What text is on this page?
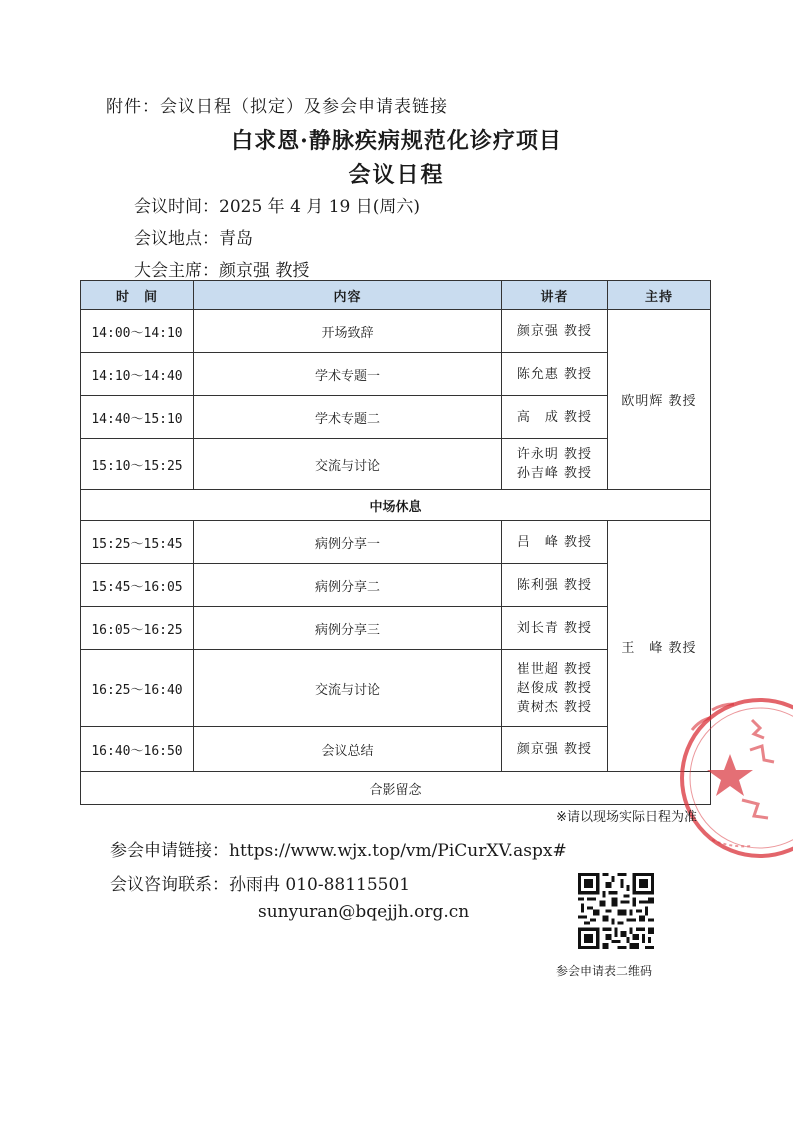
附件：会议日程（拟定）及参会申请表链接
白求恩·静脉疾病规范化诊疗项目
会议日程
会议时间：2025 年 4 月 19 日(周六)
会议地点：青岛
大会主席：颜京强 教授
时　间	内容	讲者	主持
14:00～14:10	开场致辞	颜京强 教授	欧明辉 教授
14:10～14:40	学术专题一	陈允惠 教授	

14:40～15:10	学术专题二	高　成 教授	

15:10～15:25	交流与讨论	许永明 教授
孙吉峰 教授	

中场休息			
15:25～15:45	病例分享一	吕　峰 教授	王　峰 教授
15:45～16:05	病例分享二	陈利强 教授	

16:05～16:25	病例分享三	刘长青 教授	

16:25～16:40	交流与讨论	崔世超 教授
赵俊成 教授
黄树杰 教授	

16:40～16:50	会议总结	颜京强 教授	

合影留念			
※请以现场实际日程为准
参会申请链接：https://www.wjx.top/vm/PiCurXV.aspx#
会议咨询联系：孙雨冉 010-88115501
sunyuran@bqejjh.org.cn
参会申请表二维码
